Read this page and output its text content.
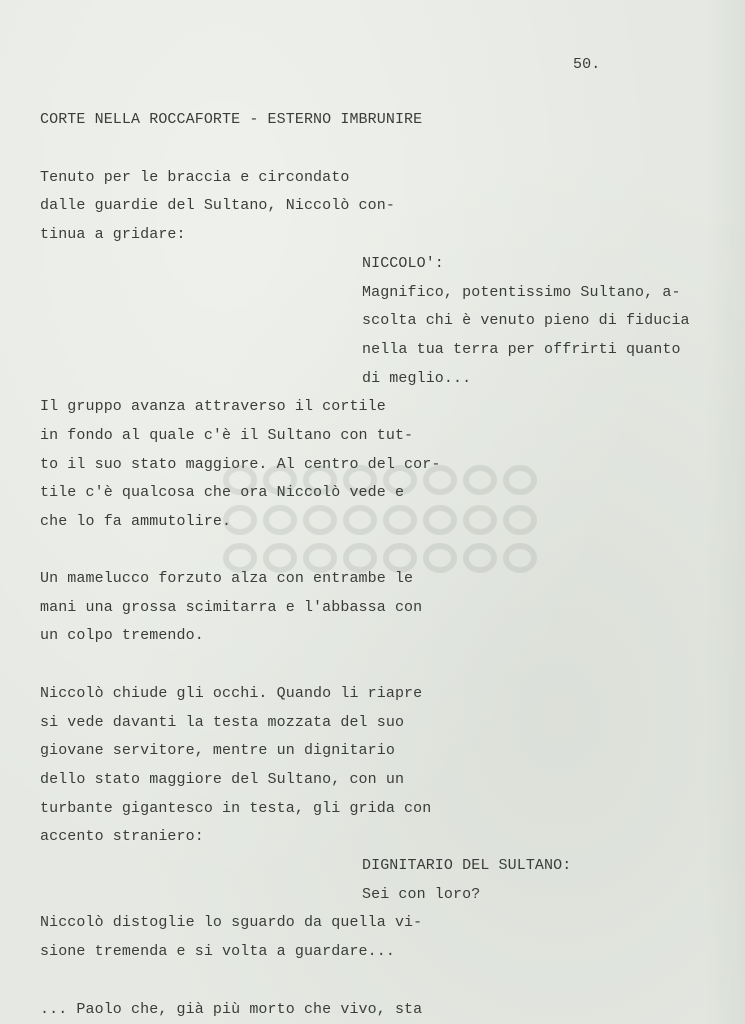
50.
CORTE NELLA ROCCAFORTE - ESTERNO IMBRUNIRE
Tenuto per le braccia e circondato
dalle guardie del Sultano, Niccolò con-
tinua a gridare:
NICCOLO':
Magnifico, potentissimo Sultano, a-
scolta chi è venuto pieno di fiducia
nella tua terra per offrirti quanto
di meglio...
Il gruppo avanza attraverso il cortile
in fondo al quale c'è il Sultano con tut-
to il suo stato maggiore. Al centro del cor-
tile c'è qualcosa che ora Niccolò vede e
che lo fa ammutolire.
Un mamelucco forzuto alza con entrambe le
mani una grossa scimitarra e l'abbassa con
un colpo tremendo.
Niccolò chiude gli occhi. Quando li riapre
si vede davanti la testa mozzata del suo
giovane servitore, mentre un dignitario
dello stato maggiore del Sultano, con un
turbante gigantesco in testa, gli grida con
accento straniero:
DIGNITARIO DEL SULTANO:
Sei con loro?
Niccolò distoglie lo sguardo da quella vi-
sione tremenda e si volta a guardare...
... Paolo che, già più morto che vivo, sta
